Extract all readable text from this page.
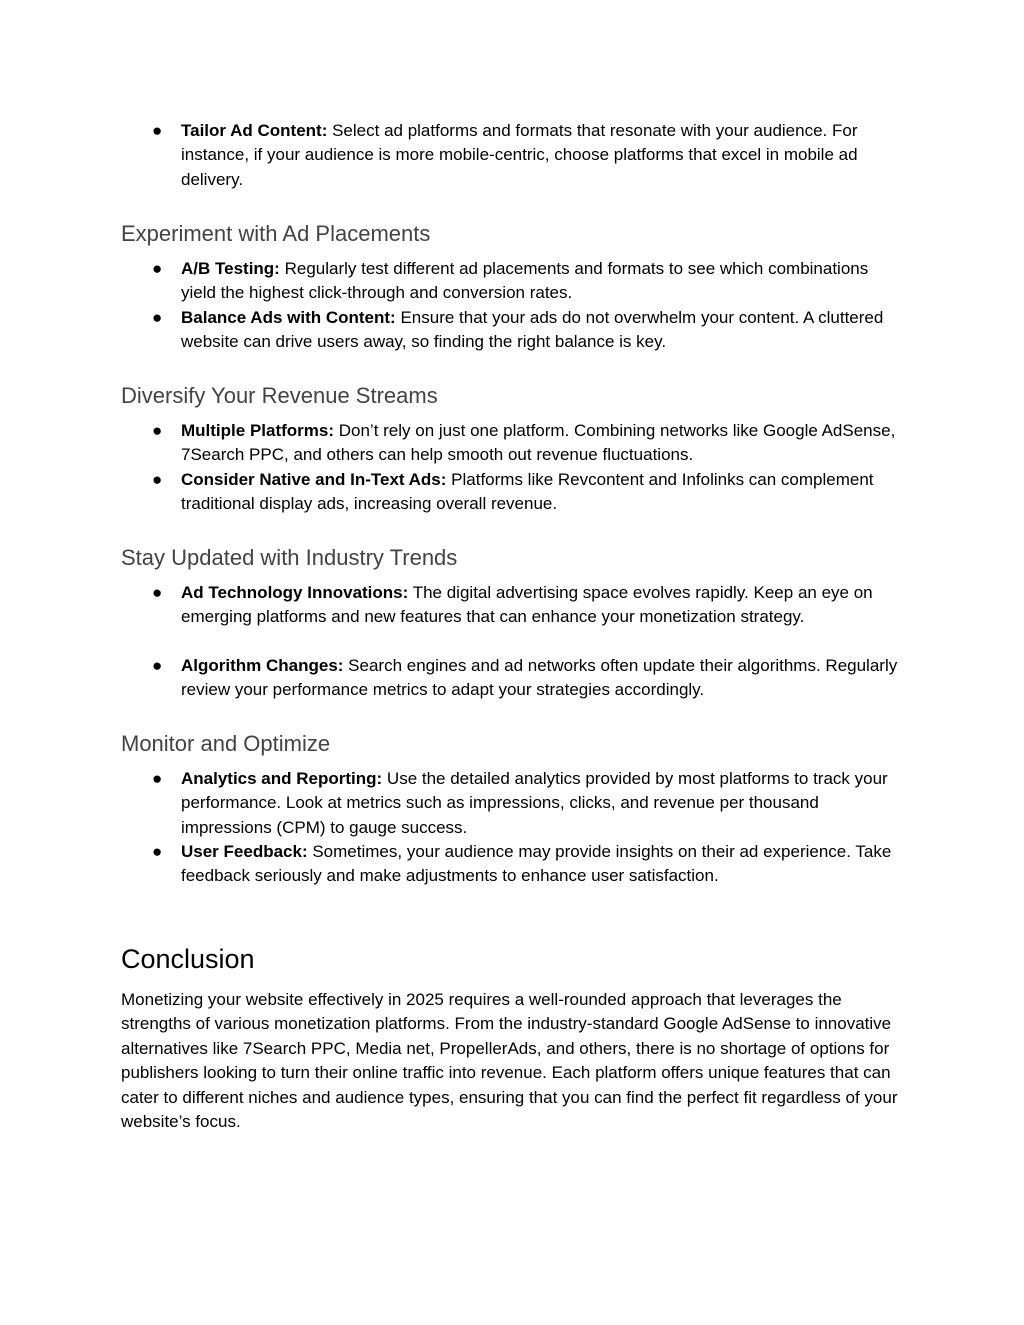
● Tailor Ad Content: Select ad platforms and formats that resonate with your audience. For instance, if your audience is more mobile-centric, choose platforms that excel in mobile ad delivery.

Experiment with Ad Placements
● A/B Testing: Regularly test different ad placements and formats to see which combinations yield the highest click-through and conversion rates.

● Balance Ads with Content: Ensure that your ads do not overwhelm your content. A cluttered website can drive users away, so finding the right balance is key.

Diversify Your Revenue Streams
● Multiple Platforms: Don’t rely on just one platform. Combining networks like Google AdSense, 7Search PPC, and others can help smooth out revenue fluctuations.

● Consider Native and In-Text Ads: Platforms like Revcontent and Infolinks can complement traditional display ads, increasing overall revenue.

Stay Updated with Industry Trends
● Ad Technology Innovations: The digital advertising space evolves rapidly. Keep an eye on emerging platforms and new features that can enhance your monetization strategy.

● Algorithm Changes: Search engines and ad networks often update their algorithms. Regularly review your performance metrics to adapt your strategies accordingly.

Monitor and Optimize
● Analytics and Reporting: Use the detailed analytics provided by most platforms to track your performance. Look at metrics such as impressions, clicks, and revenue per thousand impressions (CPM) to gauge success.

● User Feedback: Sometimes, your audience may provide insights on their ad experience. Take feedback seriously and make adjustments to enhance user satisfaction.

Conclusion

Monetizing your website effectively in 2025 requires a well-rounded approach that leverages the strengths of various monetization platforms. From the industry-standard Google AdSense to innovative alternatives like 7Search PPC, Media net, PropellerAds, and others, there is no shortage of options for publishers looking to turn their online traffic into revenue. Each platform offers unique features that can cater to different niches and audience types, ensuring that you can find the perfect fit regardless of your website’s focus.
